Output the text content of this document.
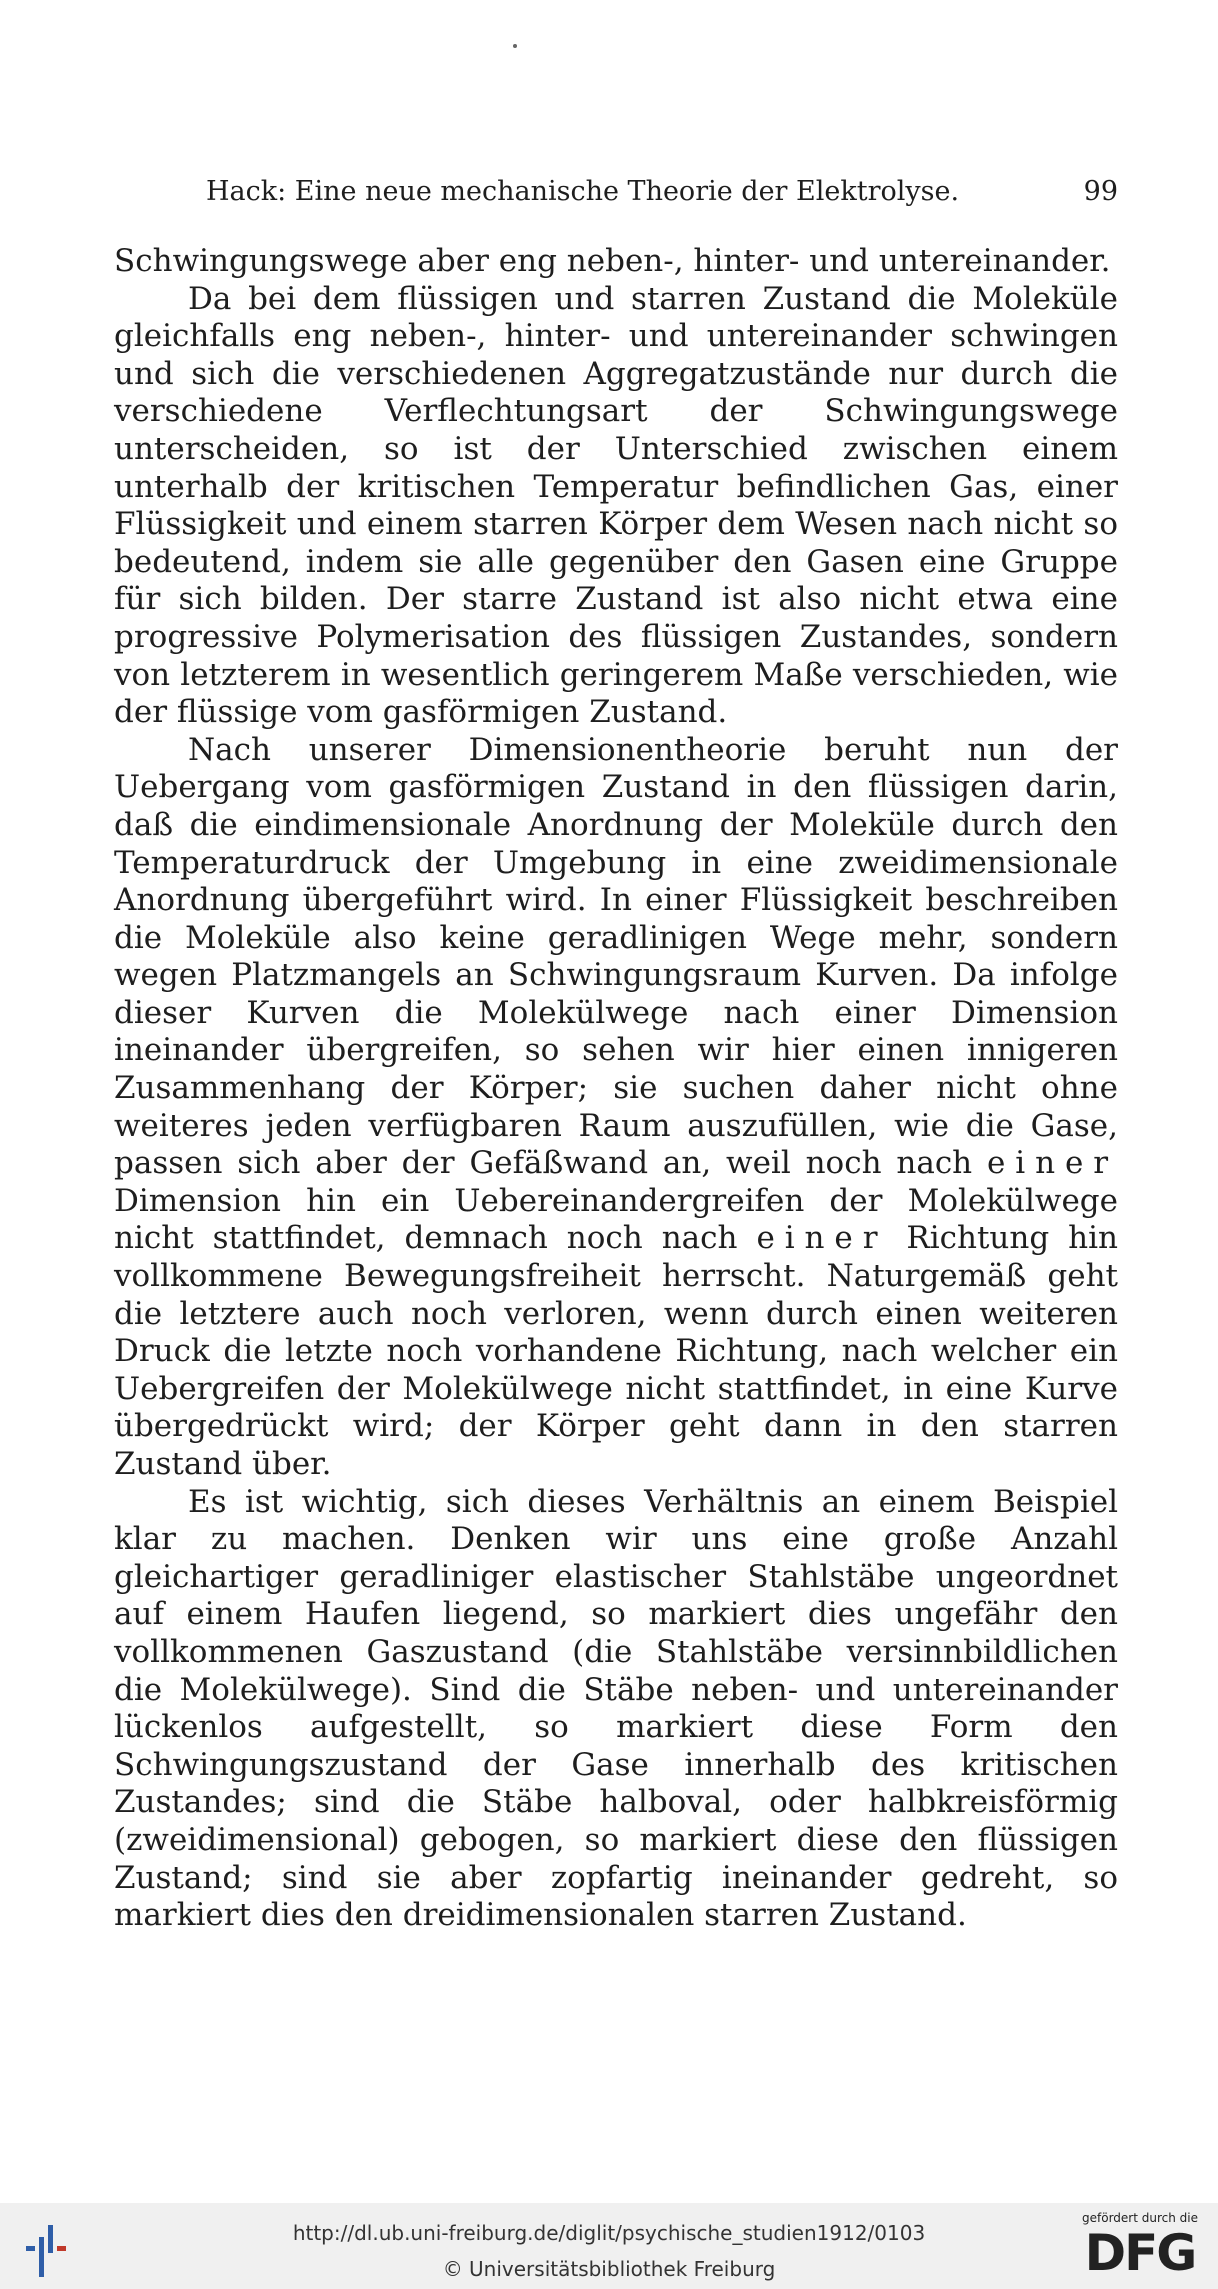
Hack: Eine neue mechanische Theorie der Elektrolyse.	99

Schwingungswege aber eng neben-, hinter- und untereinander.

Da bei dem flüssigen und starren Zustand die Moleküle gleichfalls eng neben-, hinter- und untereinander schwingen und sich die verschiedenen Aggregatzustände nur durch die verschiedene Verflechtungsart der Schwingungswege unterscheiden, so ist der Unterschied zwischen einem unterhalb der kritischen Temperatur befindlichen Gas, einer Flüssigkeit und einem starren Körper dem Wesen nach nicht so bedeutend, indem sie alle gegenüber den Gasen eine Gruppe für sich bilden. Der starre Zustand ist also nicht etwa eine progressive Polymerisation des flüssigen Zustandes, sondern von letzterem in wesentlich geringerem Maße verschieden, wie der flüssige vom gasförmigen Zustand.

Nach unserer Dimensionentheorie beruht nun der Uebergang vom gasförmigen Zustand in den flüssigen darin, daß die eindimensionale Anordnung der Moleküle durch den Temperaturdruck der Umgebung in eine zweidimensionale Anordnung übergeführt wird. In einer Flüssigkeit beschreiben die Moleküle also keine geradlinigen Wege mehr, sondern wegen Platzmangels an Schwingungsraum Kurven. Da infolge dieser Kurven die Molekülwege nach einer Dimension ineinander übergreifen, so sehen wir hier einen innigeren Zusammenhang der Körper; sie suchen daher nicht ohne weiteres jeden verfügbaren Raum auszufüllen, wie die Gase, passen sich aber der Gefäßwand an, weil noch nach einer Dimension hin ein Uebereinandergreifen der Molekülwege nicht stattfindet, demnach noch nach einer Richtung hin vollkommene Bewegungsfreiheit herrscht. Naturgemäß geht die letztere auch noch verloren, wenn durch einen weiteren Druck die letzte noch vorhandene Richtung, nach welcher ein Uebergreifen der Molekülwege nicht stattfindet, in eine Kurve übergedrückt wird; der Körper geht dann in den starren Zustand über.

Es ist wichtig, sich dieses Verhältnis an einem Beispiel klar zu machen. Denken wir uns eine große Anzahl gleichartiger geradliniger elastischer Stahlstäbe ungeordnet auf einem Haufen liegend, so markiert dies ungefähr den vollkommenen Gaszustand (die Stahlstäbe versinnbildlichen die Molekülwege). Sind die Stäbe neben- und untereinander lückenlos aufgestellt, so markiert diese Form den Schwingungszustand der Gase innerhalb des kritischen Zustandes; sind die Stäbe halboval, oder halbkreisförmig (zweidimensional) gebogen, so markiert diese den flüssigen Zustand; sind sie aber zopfartig ineinander gedreht, so markiert dies den dreidimensionalen starren Zustand.

http://dl.ub.uni-freiburg.de/diglit/psychische_studien1912/0103
© Universitätsbibliothek Freiburg
gefördert durch die
DFG
